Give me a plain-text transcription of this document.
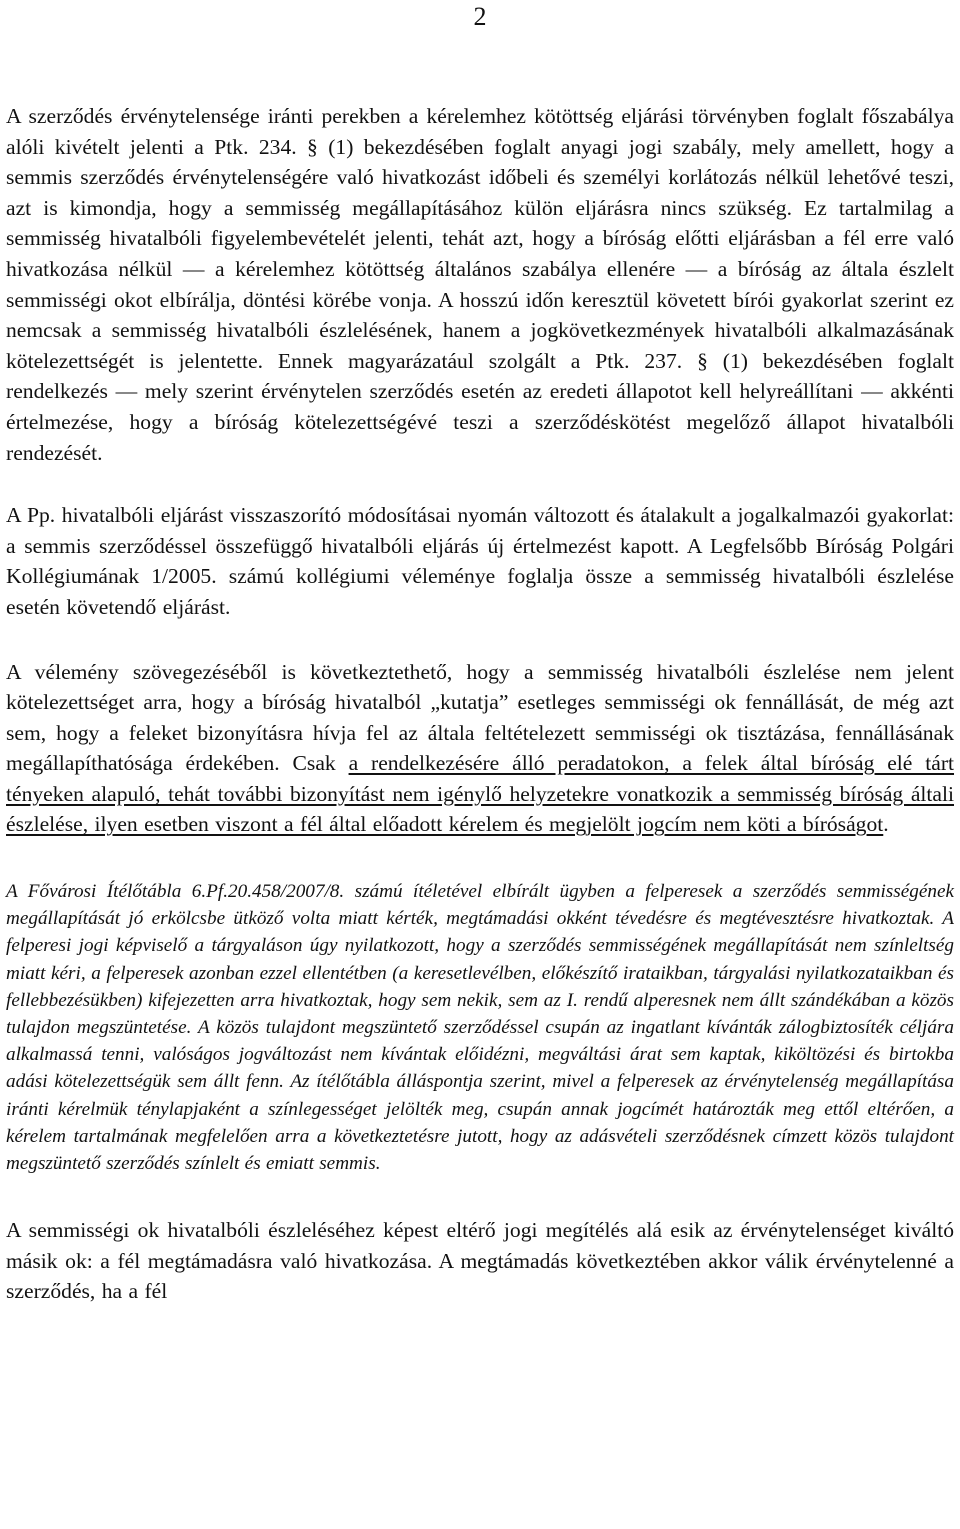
2

A szerződés érvénytelensége iránti perekben a kérelemhez kötöttség eljárási törvényben foglalt főszabálya alóli kivételt jelenti a Ptk. 234. § (1) bekezdésében foglalt anyagi jogi szabály, mely amellett, hogy a semmis szerződés érvénytelenségére való hivatkozást időbeli és személyi korlátozás nélkül lehetővé teszi, azt is kimondja, hogy a semmisség megállapításához külön eljárásra nincs szükség. Ez tartalmilag a semmisség hivatalbóli figyelembevételét jelenti, tehát azt, hogy a bíróság előtti eljárásban a fél erre való hivatkozása nélkül — a kérelemhez kötöttség általános szabálya ellenére — a bíróság az általa észlelt semmisségi okot elbírálja, döntési körébe vonja. A hosszú időn keresztül követett bírói gyakorlat szerint ez nemcsak a semmisség hivatalbóli észlelésének, hanem a jogkövetkezmények hivatalbóli alkalmazásának kötelezettségét is jelentette. Ennek magyarázatául szolgált a Ptk. 237. § (1) bekezdésében foglalt rendelkezés — mely szerint érvénytelen szerződés esetén az eredeti állapotot kell helyreállítani — akkénti értelmezése, hogy a bíróság kötelezettségévé teszi a szerződéskötést megelőző állapot hivatalbóli rendezését.

A Pp. hivatalbóli eljárást visszaszorító módosításai nyomán változott és átalakult a jogalkalmazói gyakorlat: a semmis szerződéssel összefüggő hivatalbóli eljárás új értelmezést kapott. A Legfelsőbb Bíróság Polgári Kollégiumának 1/2005. számú kollégiumi véleménye foglalja össze a semmisség hivatalbóli észlelése esetén követendő eljárást.

A vélemény szövegezéséből is következtethető, hogy a semmisség hivatalbóli észlelése nem jelent kötelezettséget arra, hogy a bíróság hivatalból „kutatja” esetleges semmisségi ok fennállását, de még azt sem, hogy a feleket bizonyításra hívja fel az általa feltételezett semmisségi ok tisztázása, fennállásának megállapíthatósága érdekében. Csak a rendelkezésére álló peradatokon, a felek által bíróság elé tárt tényeken alapuló, tehát további bizonyítást nem igénylő helyzetekre vonatkozik a semmisség bíróság általi észlelése, ilyen esetben viszont a fél által előadott kérelem és megjelölt jogcím nem köti a bíróságot.

A Fővárosi Ítélőtábla 6.Pf.20.458/2007/8. számú ítéletével elbírált ügyben a felperesek a szerződés semmisségének megállapítását jó erkölcsbe ütköző volta miatt kérték, megtámadási okként tévedésre és megtévesztésre hivatkoztak. A felperesi jogi képviselő a tárgyaláson úgy nyilatkozott, hogy a szerződés semmisségének megállapítását nem színleltség miatt kéri, a felperesek azonban ezzel ellentétben (a keresetlevélben, előkészítő irataikban, tárgyalási nyilatkozataikban és fellebbezésükben) kifejezetten arra hivatkoztak, hogy sem nekik, sem az I. rendű alperesnek nem állt szándékában a közös tulajdon megszüntetése. A közös tulajdont megszüntető szerződéssel csupán az ingatlant kívánták zálogbiztosíték céljára alkalmassá tenni, valóságos jogváltozást nem kívántak előidézni, megváltási árat sem kaptak, kiköltözési és birtokba adási kötelezettségük sem állt fenn. Az ítélőtábla álláspontja szerint, mivel a felperesek az érvénytelenség megállapítása iránti kérelmük ténylapjaként a színlegességet jelölték meg, csupán annak jogcímét határozták meg ettől eltérően, a kérelem tartalmának megfelelően arra a következtetésre jutott, hogy az adásvételi szerződésnek címzett közös tulajdont megszüntető szerződés színlelt és emiatt semmis.

A semmisségi ok hivatalbóli észleléséhez képest eltérő jogi megítélés alá esik az érvénytelenséget kiváltó másik ok: a fél megtámadásra való hivatkozása. A megtámadás következtében akkor válik érvénytelenné a szerződés, ha a fél
